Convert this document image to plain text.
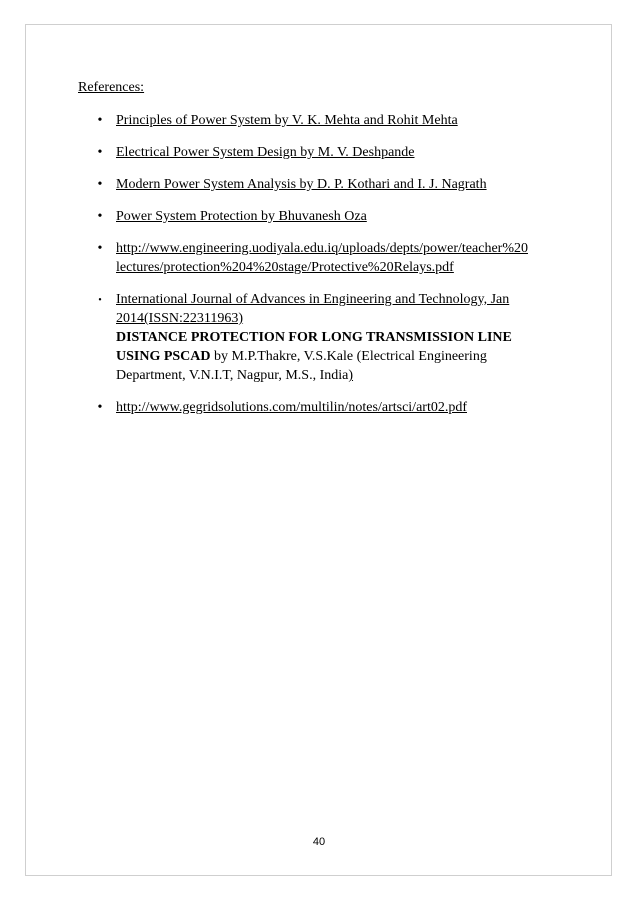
References:
• Principles of Power System by V. K. Mehta and Rohit Mehta
• Electrical Power System Design by M. V. Deshpande
• Modern Power System Analysis by D. P. Kothari and I. J. Nagrath
• Power System Protection by Bhuvanesh Oza
• http://www.engineering.uodiyala.edu.iq/uploads/depts/power/teacher%20
lectures/protection%204%20stage/Protective%20Relays.pdf
•	International Journal of Advances in Engineering and Technology, Jan
2014(ISSN:22311963)
DISTANCE PROTECTION FOR LONG TRANSMISSION LINE
USING PSCAD by M.P.Thakre, V.S.Kale (Electrical Engineering
Department, V.N.I.T, Nagpur, M.S., India)
• http://www.gegridsolutions.com/multilin/notes/artsci/art02.pdf
40
